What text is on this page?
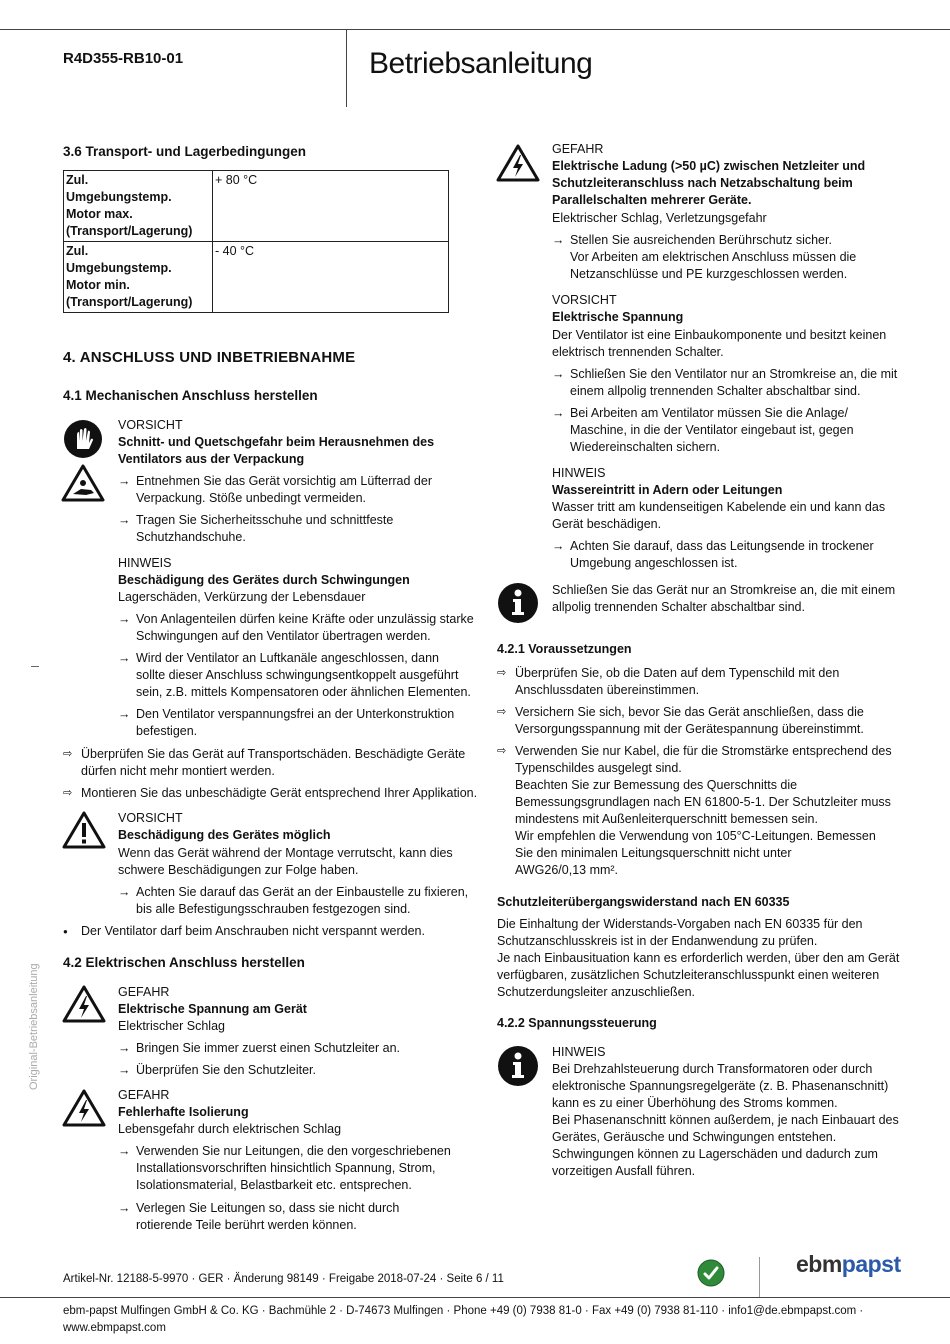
R4D355-RB10-01	Betriebsanleitung
Original-Betriebsanleitung
3.6 Transport- und Lagerbedingungen
Zul.
Umgebungstemp.
Motor max.
(Transport/Lagerung)	+ 80 °C

Zul.
Umgebungstemp.
Motor min.
(Transport/Lagerung)	- 40 °C
4. ANSCHLUSS UND INBETRIEBNAHME
4.1 Mechanischen Anschluss herstellen
VORSICHT
Schnitt- und Quetschgefahr beim Herausnehmen des
Ventilators aus der Verpackung
→ Entnehmen Sie das Gerät vorsichtig am Lüfterrad der
Verpackung. Stöße unbedingt vermeiden.
→ Tragen Sie Sicherheitsschuhe und schnittfeste
Schutzhandschuhe.
HINWEIS
Beschädigung des Gerätes durch Schwingungen
Lagerschäden, Verkürzung der Lebensdauer
→ Von Anlagenteilen dürfen keine Kräfte oder unzulässig starke
Schwingungen auf den Ventilator übertragen werden.
→ Wird der Ventilator an Luftkanäle angeschlossen, dann
sollte dieser Anschluss schwingungsentkoppelt ausgeführt
sein, z.B. mittels Kompensatoren oder ähnlichen Elementen.
→ Den Ventilator verspannungsfrei an der Unterkonstruktion
befestigen.
⇨ Überprüfen Sie das Gerät auf Transportschäden. Beschädigte Geräte
dürfen nicht mehr montiert werden.
⇨ Montieren Sie das unbeschädigte Gerät entsprechend Ihrer Applikation.
VORSICHT
Beschädigung des Gerätes möglich
Wenn das Gerät während der Montage verrutscht, kann dies
schwere Beschädigungen zur Folge haben.
→ Achten Sie darauf das Gerät an der Einbaustelle zu fixieren,
bis alle Befestigungsschrauben festgezogen sind.
● Der Ventilator darf beim Anschrauben nicht verspannt werden.
4.2 Elektrischen Anschluss herstellen
GEFAHR
Elektrische Spannung am Gerät
Elektrischer Schlag
→ Bringen Sie immer zuerst einen Schutzleiter an.
→ Überprüfen Sie den Schutzleiter.
GEFAHR
Fehlerhafte Isolierung
Lebensgefahr durch elektrischen Schlag
→ Verwenden Sie nur Leitungen, die den vorgeschriebenen
Installationsvorschriften hinsichtlich Spannung, Strom,
Isolationsmaterial, Belastbarkeit etc. entsprechen.
→ Verlegen Sie Leitungen so, dass sie nicht durch
rotierende Teile berührt werden können.
GEFAHR
Elektrische Ladung (>50 µC) zwischen Netzleiter und
Schutzleiteranschluss nach Netzabschaltung beim
Parallelschalten mehrerer Geräte.
Elektrischer Schlag, Verletzungsgefahr
→ Stellen Sie ausreichenden Berührschutz sicher.
Vor Arbeiten am elektrischen Anschluss müssen die
Netzanschlüsse und PE kurzgeschlossen werden.
VORSICHT
Elektrische Spannung
Der Ventilator ist eine Einbaukomponente und besitzt keinen
elektrisch trennenden Schalter.
→ Schließen Sie den Ventilator nur an Stromkreise an, die mit
einem allpolig trennenden Schalter abschaltbar sind.
→ Bei Arbeiten am Ventilator müssen Sie die Anlage/
Maschine, in die der Ventilator eingebaut ist, gegen
Wiedereinschalten sichern.
HINWEIS
Wassereintritt in Adern oder Leitungen
Wasser tritt am kundenseitigen Kabelende ein und kann das
Gerät beschädigen.
→ Achten Sie darauf, dass das Leitungsende in trockener
Umgebung angeschlossen ist.
Schließen Sie das Gerät nur an Stromkreise an, die mit einem
allpolig trennenden Schalter abschaltbar sind.
4.2.1 Voraussetzungen
⇨ Überprüfen Sie, ob die Daten auf dem Typenschild mit den
Anschlussdaten übereinstimmen.
⇨ Versichern Sie sich, bevor Sie das Gerät anschließen, dass die
Versorgungsspannung mit der Gerätespannung übereinstimmt.
⇨ Verwenden Sie nur Kabel, die für die Stromstärke entsprechend des
Typenschildes ausgelegt sind.
Beachten Sie zur Bemessung des Querschnitts die
Bemessungsgrundlagen nach EN 61800-5-1. Der Schutzleiter muss
mindestens mit Außenleiterquerschnitt bemessen sein.
Wir empfehlen die Verwendung von 105°C-Leitungen. Bemessen
Sie den minimalen Leitungsquerschnitt nicht unter
AWG26/0,13 mm².
Schutzleiterübergangswiderstand nach EN 60335
Die Einhaltung der Widerstands-Vorgaben nach EN 60335 für den
Schutzanschlusskreis ist in der Endanwendung zu prüfen.
Je nach Einbausituation kann es erforderlich werden, über den am Gerät
verfügbaren, zusätzlichen Schutzleiteranschlusspunkt einen weiteren
Schutzerdungsleiter anzuschließen.
4.2.2 Spannungssteuerung
HINWEIS
Bei Drehzahlsteuerung durch Transformatoren oder durch
elektronische Spannungsregelgeräte (z. B. Phasenanschnitt)
kann es zu einer Überhöhung des Stroms kommen.
Bei Phasenanschnitt können außerdem, je nach Einbauart des
Gerätes, Geräusche und Schwingungen entstehen.
Schwingungen können zu Lagerschäden und dadurch zum
vorzeitigen Ausfall führen.
Artikel-Nr. 12188-5-9970 · GER · Änderung 98149 · Freigabe 2018-07-24 · Seite 6 / 11
ebmpapst
ebm-papst Mulfingen GmbH & Co. KG · Bachmühle 2 · D-74673 Mulfingen · Phone +49 (0) 7938 81-0 · Fax +49 (0) 7938 81-110 · info1@de.ebmpapst.com · www.ebmpapst.com
